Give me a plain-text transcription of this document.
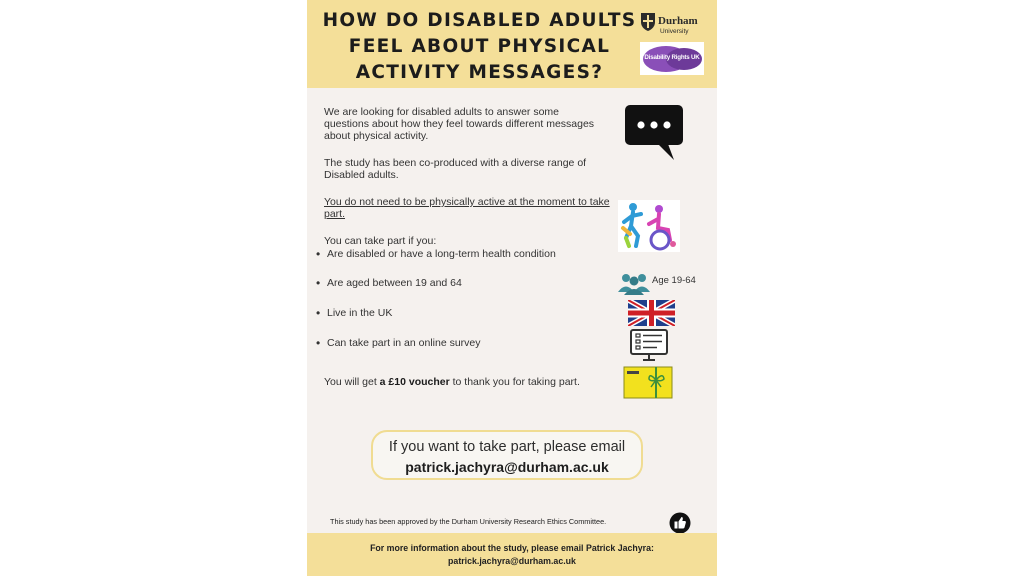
HOW DO DISABLED ADULTS FEEL ABOUT PHYSICAL ACTIVITY MESSAGES?
Durham
University
Disability Rights UK

We are looking for disabled adults to answer some questions about how they feel towards different messages about physical activity.

The study has been co-produced with a diverse range of Disabled adults.

You do not need to be physically active at the moment to take part.

You can take part if you:
• Are disabled or have a long-term health condition
• Are aged between 19 and 64
• Live in the UK
• Can take part in an online survey
Age 19-64
You will get a £10 voucher to thank you for taking part.
If you want to take part, please email
patrick.jachyra@durham.ac.uk
This study has been approved by the Durham University Research Ethics Committee.
For more information about the study, please email Patrick Jachyra:
patrick.jachyra@durham.ac.uk
